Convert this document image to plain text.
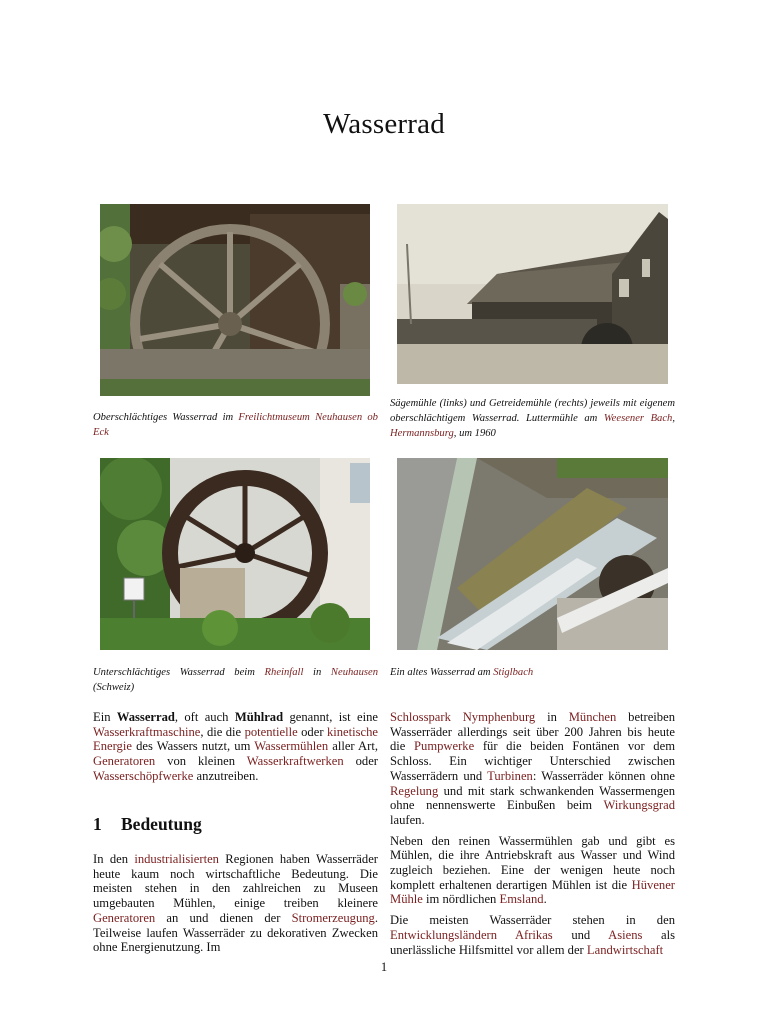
Wasserrad
Oberschlächtiges Wasserrad im Freilichtmuseum Neuhausen ob Eck
Sägemühle (links) und Getreidemühle (rechts) jeweils mit eigenem oberschlächtigem Wasserrad. Luttermühle am Weesener Bach, Hermannsburg, um 1960
Unterschlächtiges Wasserrad beim Rheinfall in Neuhausen (Schweiz)
Ein altes Wasserrad am Stiglbach

Ein Wasserrad, oft auch Mühlrad genannt, ist eine Wasserkraftmaschine, die die potentielle oder kinetische Energie des Wassers nutzt, um Wassermühlen aller Art, Generatoren von kleinen Wasserkraftwerken oder Wasserschöpfwerke anzutreiben.

1 Bedeutung

In den industrialisierten Regionen haben Wasserräder heute kaum noch wirtschaftliche Bedeutung. Die meisten stehen in den zahlreichen zu Museen umgebauten Mühlen, einige treiben kleinere Generatoren an und dienen der Stromerzeugung. Teilweise laufen Wasserräder zu dekorativen Zwecken ohne Energienutzung. Im

Schlosspark Nymphenburg in München betreiben Wasserräder allerdings seit über 200 Jahren bis heute die Pumpwerke für die beiden Fontänen vor dem Schloss. Ein wichtiger Unterschied zwischen Wasserrädern und Turbinen: Wasserräder können ohne Regelung und mit stark schwankenden Wassermengen ohne nennenswerte Einbußen beim Wirkungsgrad laufen.

Neben den reinen Wassermühlen gab und gibt es Mühlen, die ihre Antriebskraft aus Wasser und Wind zugleich beziehen. Eine der wenigen heute noch komplett erhaltenen derartigen Mühlen ist die Hüvener Mühle im nördlichen Emsland.

Die meisten Wasserräder stehen in den Entwicklungsländern Afrikas und Asiens als unerlässliche Hilfsmittel vor allem der Landwirtschaft

1
